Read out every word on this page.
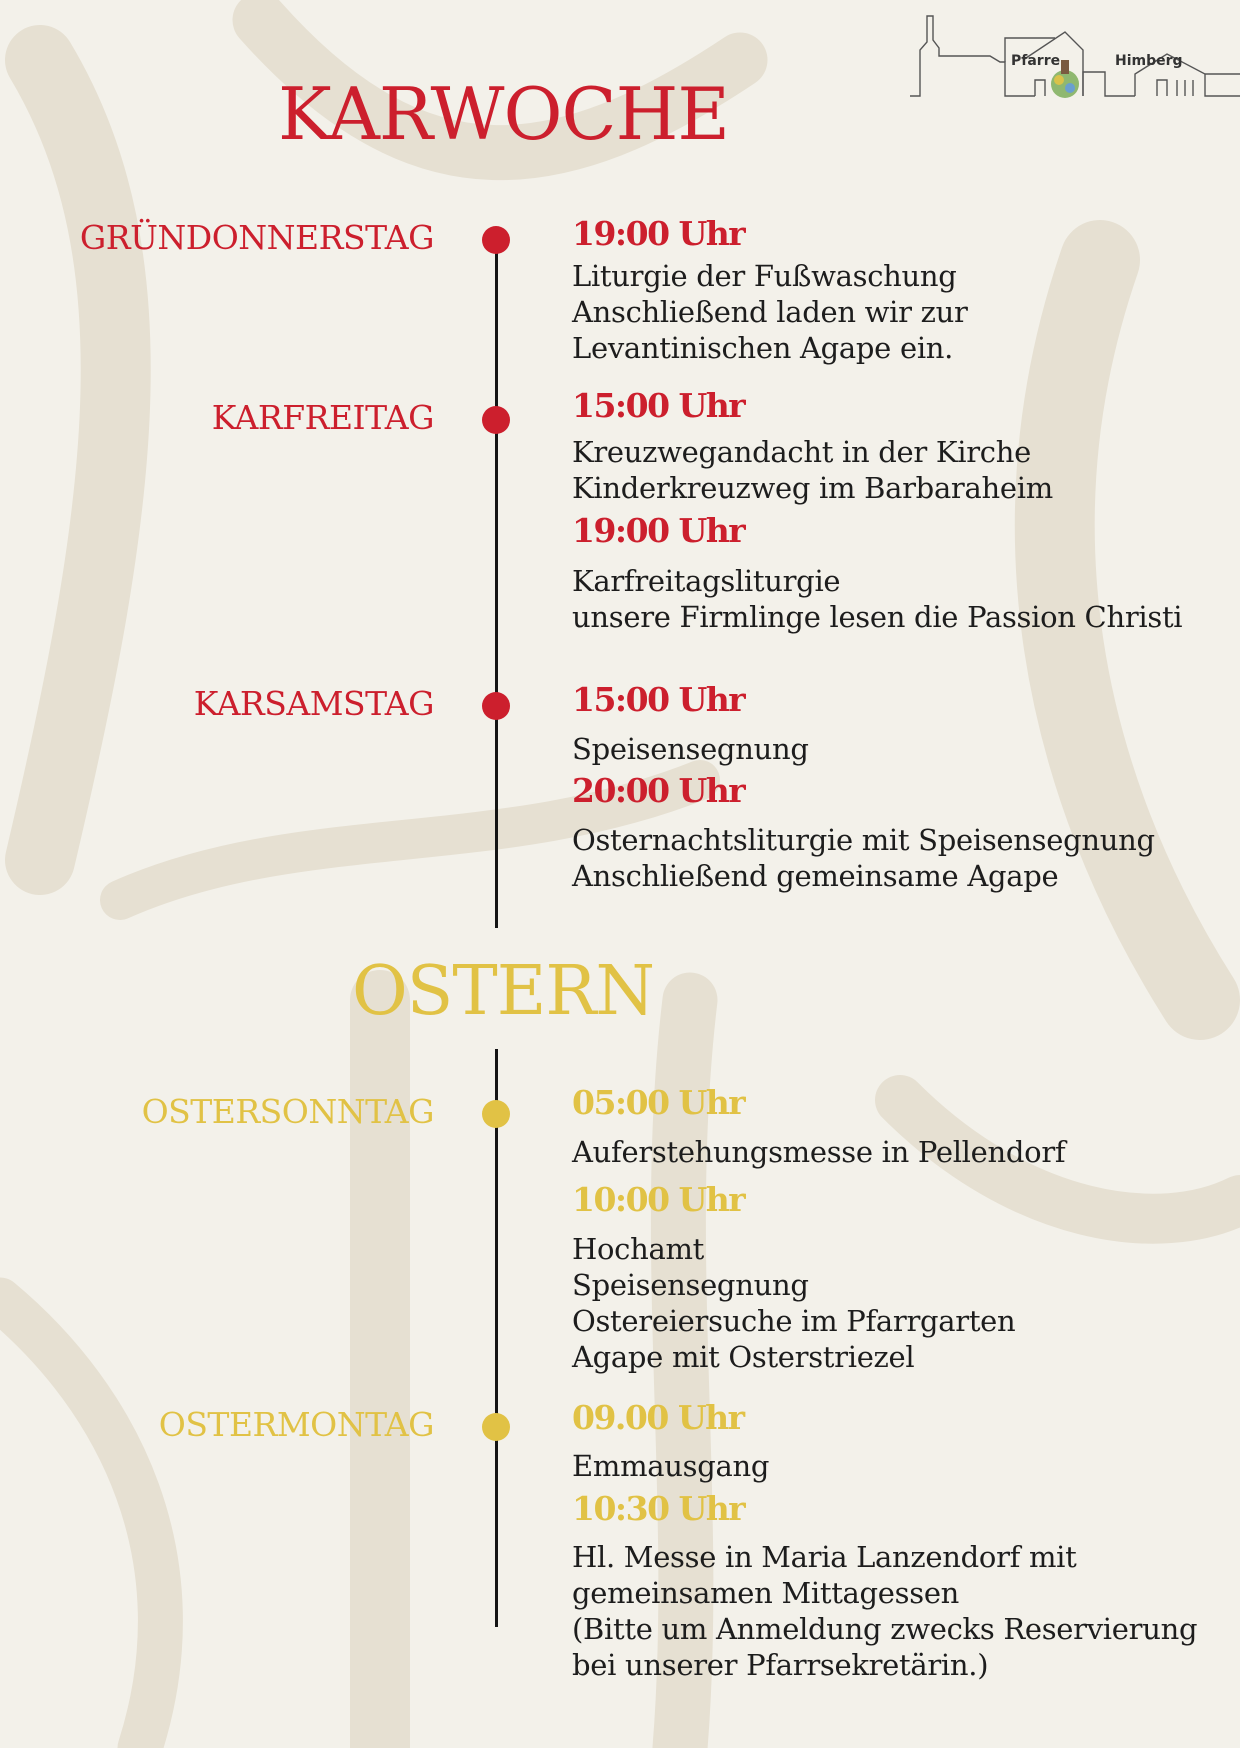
Pfarre	Himberg
KARWOCHE
GRÜNDONNERSTAG	19:00 Uhr
Liturgie der Fußwaschung
Anschließend laden wir zur
Levantinischen Agape ein.
KARFREITAG	15:00 Uhr
Kreuzwegandacht in der Kirche
Kinderkreuzweg im Barbaraheim
19:00 Uhr
Karfreitagsliturgie
unsere Firmlinge lesen die Passion Christi
KARSAMSTAG	15:00 Uhr
Speisensegnung
20:00 Uhr
Osternachtsliturgie mit Speisensegnung
Anschließend gemeinsame Agape
OSTERN
OSTERSONNTAG	05:00 Uhr
Auferstehungsmesse in Pellendorf
10:00 Uhr
Hochamt
Speisensegnung
Ostereiersuche im Pfarrgarten
Agape mit Osterstriezel
OSTERMONTAG	09.00 Uhr
Emmausgang
10:30 Uhr
Hl. Messe in Maria Lanzendorf mit
gemeinsamen Mittagessen
(Bitte um Anmeldung zwecks Reservierung
bei unserer Pfarrsekretärin.)
